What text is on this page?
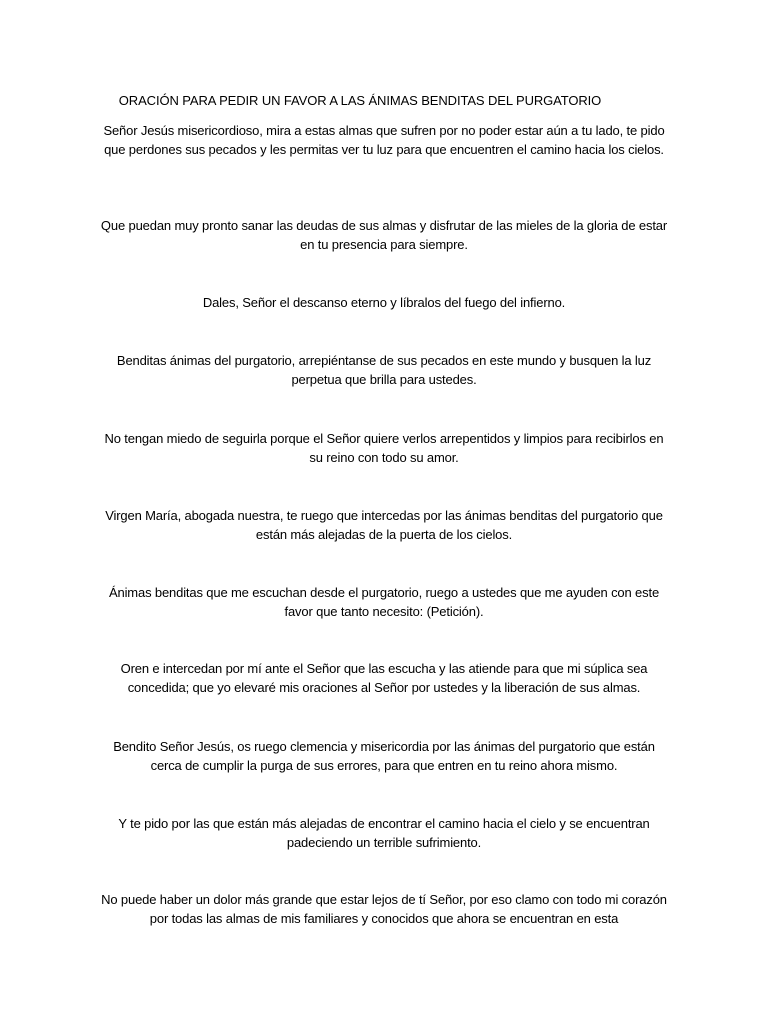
ORACIÓN PARA PEDIR UN FAVOR A LAS ÁNIMAS BENDITAS DEL PURGATORIO

Señor Jesús misericordioso, mira a estas almas que sufren por no poder estar aún a tu lado, te pido que perdones sus pecados y les permitas ver tu luz para que encuentren el camino hacia los cielos.

Que puedan muy pronto sanar las deudas de sus almas y disfrutar de las mieles de la gloria de estar en tu presencia para siempre.

Dales, Señor el descanso eterno y líbralos del fuego del infierno.

Benditas ánimas del purgatorio, arrepiéntanse de sus pecados en este mundo y busquen la luz perpetua que brilla para ustedes.

No tengan miedo de seguirla porque el Señor quiere verlos arrepentidos y limpios para recibirlos en su reino con todo su amor.

Virgen María, abogada nuestra, te ruego que intercedas por las ánimas benditas del purgatorio que están más alejadas de la puerta de los cielos.

Ánimas benditas que me escuchan desde el purgatorio, ruego a ustedes que me ayuden con este favor que tanto necesito: (Petición).

Oren e intercedan por mí ante el Señor que las escucha y las atiende para que mi súplica sea concedida; que yo elevaré mis oraciones al Señor por ustedes y la liberación de sus almas.

Bendito Señor Jesús, os ruego clemencia y misericordia por las ánimas del purgatorio que están cerca de cumplir la purga de sus errores, para que entren en tu reino ahora mismo.

Y te pido por las que están más alejadas de encontrar el camino hacia el cielo y se encuentran padeciendo un terrible sufrimiento.

No puede haber un dolor más grande que estar lejos de tí Señor, por eso clamo con todo mi corazón por todas las almas de mis familiares y conocidos que ahora se encuentran en esta
